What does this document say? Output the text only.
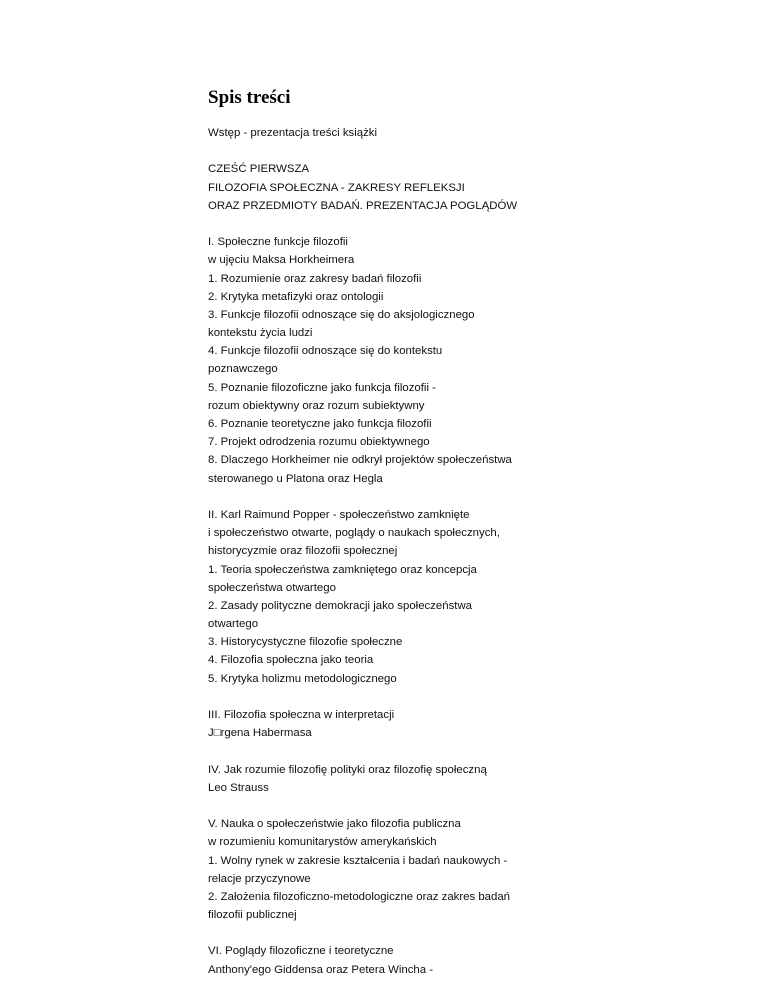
Spis treści
Wstęp - prezentacja treści książki
CZEŚĆ PIERWSZA
FILOZOFIA SPOŁECZNA - ZAKRESY REFLEKSJI
ORAZ PRZEDMIOTY BADAŃ. PREZENTACJA POGLĄDÓW
I. Społeczne funkcje filozofii
w ujęciu Maksa Horkheimera
1. Rozumienie oraz zakresy badań filozofii
2. Krytyka metafizyki oraz ontologii
3. Funkcje filozofii odnoszące się do aksjologicznego
kontekstu życia ludzi
4. Funkcje filozofii odnoszące się do kontekstu
poznawczego
5. Poznanie filozoficzne jako funkcja filozofii -
rozum obiektywny oraz rozum subiektywny
6. Poznanie teoretyczne jako funkcja filozofii
7. Projekt odrodzenia rozumu obiektywnego
8. Dlaczego Horkheimer nie odkrył projektów społeczeństwa
sterowanego u Platona oraz Hegla
II. Karl Raimund Popper - społeczeństwo zamknięte
i społeczeństwo otwarte, poglądy o naukach społecznych,
historycyzmie oraz filozofii społecznej
1. Teoria społeczeństwa zamkniętego oraz koncepcja
społeczeństwa otwartego
2. Zasady polityczne demokracji jako społeczeństwa
otwartego
3. Historycystyczne filozofie społeczne
4. Filozofia społeczna jako teoria
5. Krytyka holizmu metodologicznego
III. Filozofia społeczna w interpretacji
J□rgena Habermasa
IV. Jak rozumie filozofię polityki oraz filozofię społeczną
Leo Strauss
V. Nauka o społeczeństwie jako filozofia publiczna
w rozumieniu komunitarystów amerykańskich
1. Wolny rynek w zakresie kształcenia i badań naukowych -
relacje przyczynowe
2. Założenia filozoficzno-metodologiczne oraz zakres badań
filozofii publicznej
VI. Poglądy filozoficzne i teoretyczne
Anthony'ego Giddensa oraz Petera Wincha -
